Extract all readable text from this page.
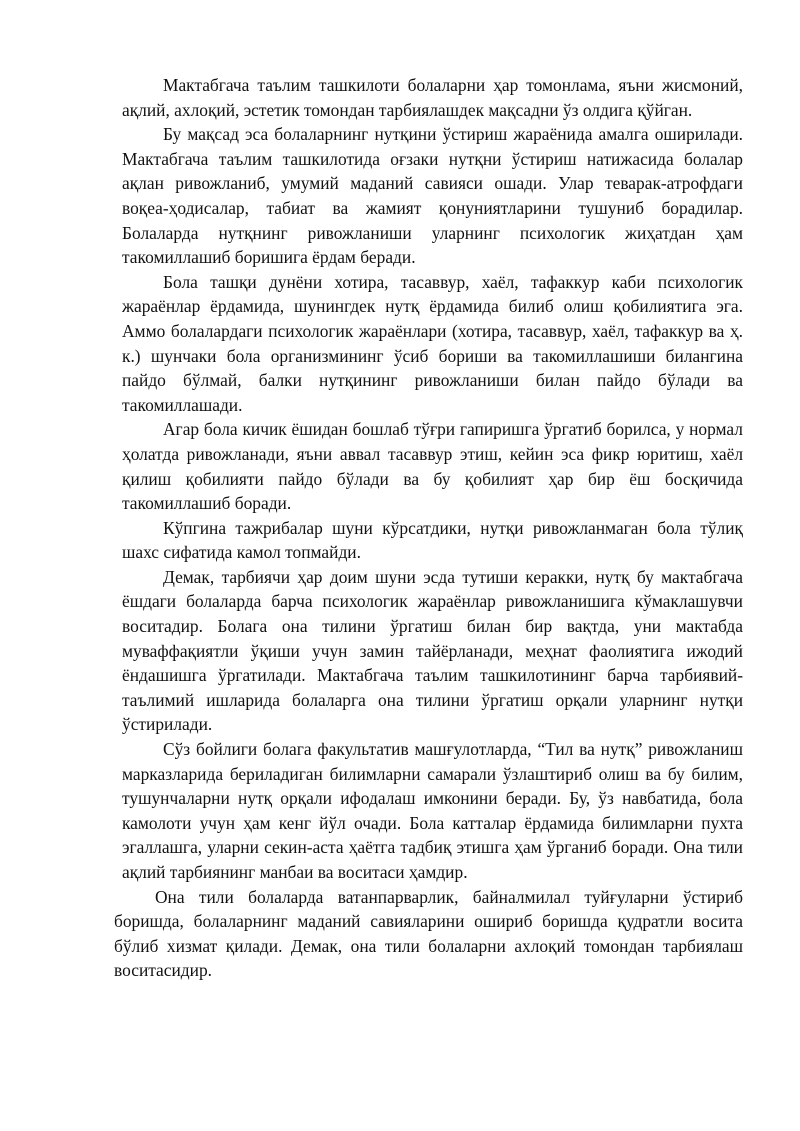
Мактабгача таълим ташкилоти болаларни ҳар томонлама, яъни жисмоний, ақлий, ахлоқий, эстетик томондан тарбиялашдек мақсадни ўз олдига қўйган.

Бу мақсад эса болаларнинг нутқини ўстириш жараёнида амалга оширилади. Мактабгача таълим ташкилотида оғзаки нутқни ўстириш натижасида болалар ақлан ривожланиб, умумий маданий савияси ошади. Улар теварак-атрофдаги воқеа-ҳодисалар, табиат ва жамият қонуниятларини тушуниб борадилар. Болаларда нутқнинг ривожланиши уларнинг психологик жиҳатдан ҳам такомиллашиб боришига ёрдам беради.

Бола ташқи дунёни хотира, тасаввур, хаёл, тафаккур каби психологик жараёнлар ёрдамида, шунингдек нутқ ёрдамида билиб олиш қобилиятига эга. Аммо болалардаги психологик жараёнлари (хотира, тасаввур, хаёл, тафаккур ва ҳ. к.) шунчаки бола организмининг ўсиб бориши ва такомиллашиши билангина пайдо бўлмай, балки нутқининг ривожланиши билан пайдо бўлади ва такомиллашади.

Агар бола кичик ёшидан бошлаб тўғри гапиришга ўргатиб борилса, у нормал ҳолатда ривожланади, яъни аввал тасаввур этиш, кейин эса фикр юритиш, хаёл қилиш қобилияти пайдо бўлади ва бу қобилият ҳар бир ёш босқичида такомиллашиб боради.

Кўпгина тажрибалар шуни кўрсатдики, нутқи ривожланмаган бола тўлиқ шахс сифатида камол топмайди.

Демак, тарбиячи ҳар доим шуни эсда тутиши керакки, нутқ бу мактабгача ёшдаги болаларда барча психологик жараёнлар ривожланишига кўмаклашувчи воситадир. Болага она тилини ўргатиш билан бир вақтда, уни мактабда муваффақиятли ўқиши учун замин тайёрланади, меҳнат фаолиятига ижодий ёндашишга ўргатилади. Мактабгача таълим ташкилотининг барча тарбиявий-таълимий ишларида болаларга она тилини ўргатиш орқали уларнинг нутқи ўстирилади.

Сўз бойлиги болага факультатив машғулотларда, “Тил ва нутқ” ривожланиш марказларида бериладиган билимларни самарали ўзлаштириб олиш ва бу билим, тушунчаларни нутқ орқали ифодалаш имконини беради. Бу, ўз навбатида, бола камолоти учун ҳам кенг йўл очади. Бола катталар ёрдамида билимларни пухта эгаллашга, уларни секин-аста ҳаётга тадбиқ этишга ҳам ўрганиб боради. Она тили ақлий тарбиянинг манбаи ва воситаси ҳамдир.

Она тили болаларда ватанпарварлик, байналмилал туйғуларни ўстириб боришда, болаларнинг маданий савияларини ошириб боришда қудратли восита бўлиб хизмат қилади. Демак, она тили болаларни ахлоқий томондан тарбиялаш воситасидир.
